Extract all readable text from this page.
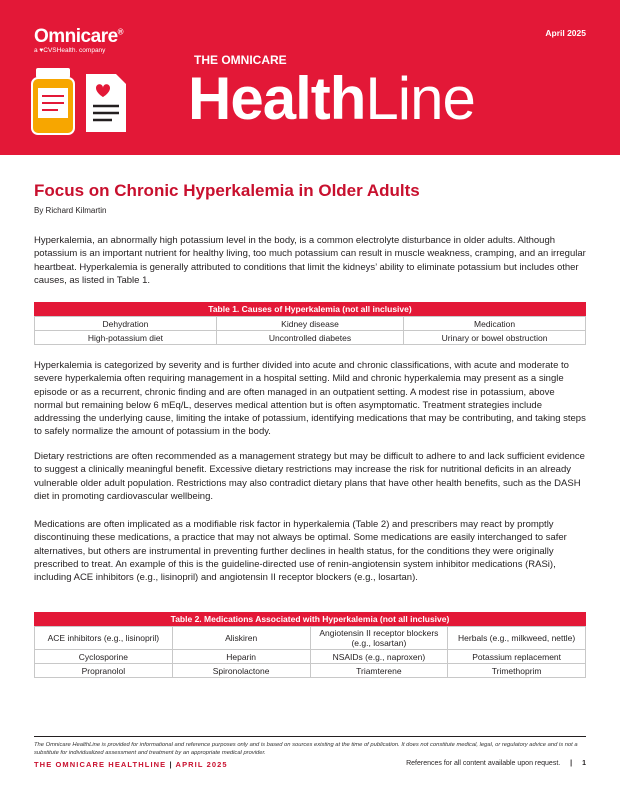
Omnicare®
a ♥CVSHealth. company
April 2025
THE OMNICARE
HealthLine
Focus on Chronic Hyperkalemia in Older Adults

By Richard Kilmartin

Hyperkalemia, an abnormally high potassium level in the body, is a common electrolyte disturbance in older adults. Although potassium is an important nutrient for healthy living, too much potassium can result in muscle weakness, cramping, and an irregular heartbeat. Hyperkalemia is generally attributed to conditions that limit the kidneys’ ability to eliminate potassium but includes other causes, as listed in Table 1.

Table 1. Causes of Hyperkalemia (not all inclusive)
Dehydration	Kidney disease	Medication
High-potassium diet	Uncontrolled diabetes	Urinary or bowel obstruction

Hyperkalemia is categorized by severity and is further divided into acute and chronic classifications, with acute and moderate to severe hyperkalemia often requiring management in a hospital setting. Mild and chronic hyperkalemia may present as a single episode or as a recurrent, chronic finding and are often managed in an outpatient setting. A modest rise in potassium, above normal but remaining below 6 mEq/L, deserves medical attention but is often asymptomatic. Treatment strategies include addressing the underlying cause, limiting the intake of potassium, identifying medications that may be contributing, and taking steps to safely normalize the amount of potassium in the body.

Dietary restrictions are often recommended as a management strategy but may be difficult to adhere to and lack sufficient evidence to suggest a clinically meaningful benefit. Excessive dietary restrictions may increase the risk for nutritional deficits in an already vulnerable older adult population. Restrictions may also contradict dietary plans that have other health benefits, such as the DASH diet in promoting cardiovascular wellbeing.

Medications are often implicated as a modifiable risk factor in hyperkalemia (Table 2) and prescribers may react by promptly discontinuing these medications, a practice that may not always be optimal. Some medications are easily interchanged to safer alternatives, but others are instrumental in preventing further declines in health status, for the conditions they were originally prescribed to treat. An example of this is the guideline-directed use of renin-angiotensin system inhibitor medications (RASi), including ACE inhibitors (e.g., lisinopril) and angiotensin II receptor blockers (e.g., losartan).

Table 2. Medications Associated with Hyperkalemia (not all inclusive)
ACE inhibitors (e.g., lisinopril)	Aliskiren	Angiotensin II receptor blockers (e.g., losartan)	Herbals (e.g., milkweed, nettle)
Cyclosporine	Heparin	NSAIDs (e.g., naproxen)	Potassium replacement
Propranolol	Spironolactone	Triamterene	Trimethoprim

The Omnicare HealthLine is provided for informational and reference purposes only and is based on sources existing at the time of publication. It does not constitute medical, legal, or regulatory advice and is not a substitute for individualized assessment and treatment by an appropriate medical provider.

THE OMNICARE HEALTHLINE | APRIL 2025	References for all content available upon request. | 1
